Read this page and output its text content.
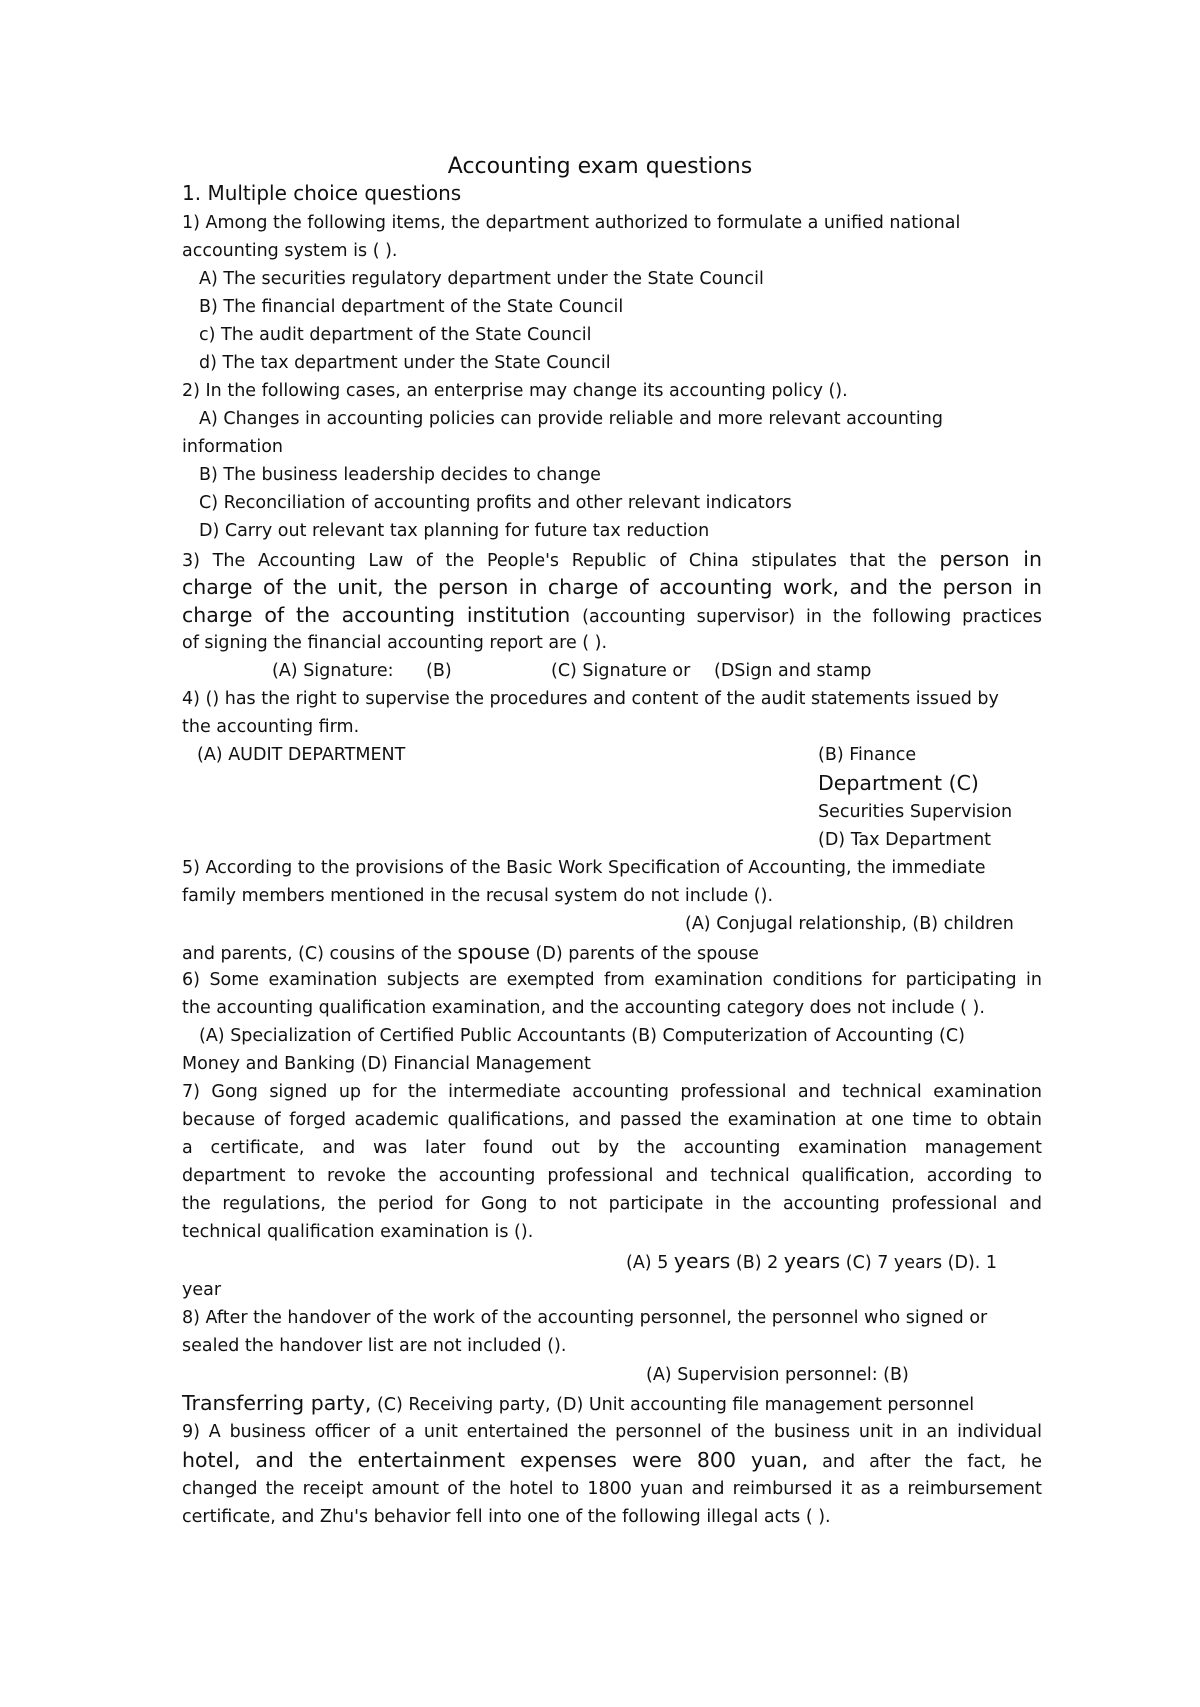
Accounting exam questions
1. Multiple choice questions
1) Among the following items, the department authorized to formulate a unified national
accounting system is ( ).
A) The securities regulatory department under the State Council
B) The financial department of the State Council
c) The audit department of the State Council
d) The tax department under the State Council
2) In the following cases, an enterprise may change its accounting policy ().
A) Changes in accounting policies can provide reliable and more relevant accounting
information
B) The business leadership decides to change
C) Reconciliation of accounting profits and other relevant indicators
D) Carry out relevant tax planning for future tax reduction
3) The Accounting Law of the People's Republic of China stipulates that the person in
charge of the unit, the person in charge of accounting work, and the person in
charge of the accounting institution (accounting supervisor) in the following practices
of signing the financial accounting report are ( ).
(A) Signature: (B)	(C) Signature or (DSign and stamp
4) () has the right to supervise the procedures and content of the audit statements issued by
the accounting firm.
(A) AUDIT DEPARTMENT	(B) Finance
Department (C)
Securities Supervision
(D) Tax Department
5) According to the provisions of the Basic Work Specification of Accounting, the immediate
family members mentioned in the recusal system do not include ().
(A) Conjugal relationship, (B) children
and parents, (C) cousins of the spouse (D) parents of the spouse
6) Some examination subjects are exempted from examination conditions for participating in
the accounting qualification examination, and the accounting category does not include ( ).
(A) Specialization of Certified Public Accountants (B) Computerization of Accounting (C)
Money and Banking (D) Financial Management
7) Gong signed up for the intermediate accounting professional and technical examination
because of forged academic qualifications, and passed the examination at one time to obtain
a certificate, and was later found out by the accounting examination management
department to revoke the accounting professional and technical qualification, according to
the regulations, the period for Gong to not participate in the accounting professional and
technical qualification examination is ().
(A) 5 years (B) 2 years (C) 7 years (D). 1
year
8) After the handover of the work of the accounting personnel, the personnel who signed or
sealed the handover list are not included ().
(A) Supervision personnel: (B)
Transferring party, (C) Receiving party, (D) Unit accounting file management personnel
9) A business officer of a unit entertained the personnel of the business unit in an individual
hotel, and the entertainment expenses were 800 yuan, and after the fact, he
changed the receipt amount of the hotel to 1800 yuan and reimbursed it as a reimbursement
certificate, and Zhu's behavior fell into one of the following illegal acts ( ).
